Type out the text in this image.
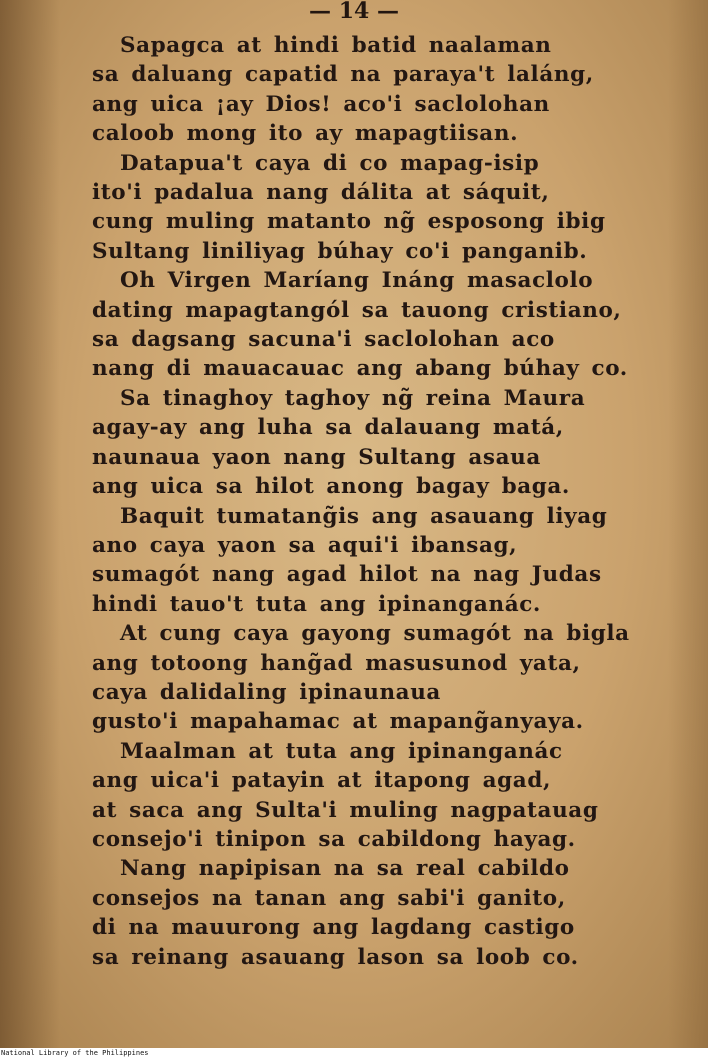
— 14 —
Sapagca at hindi batid naalaman
sa daluang capatid na paraya't laláng,
ang uica ¡ay Dios! aco'i saclolohan
caloob mong ito ay mapagtiisan.
Datapua't caya di co mapag-isip
ito'i padalua nang dálita at sáquit,
cung muling matanto ng̃ esposong ibig
Sultang liniliyag búhay co'i panganib.
Oh Virgen Maríang Ináng masaclolo
dating mapagtangól sa tauong cristiano,
sa dagsang sacuna'i saclolohan aco
nang di mauacauac ang abang búhay co.
Sa tinaghoy taghoy ng̃ reina Maura
agay-ay ang luha sa dalauang matá,
naunaua yaon nang Sultang asaua
ang uica sa hilot anong bagay baga.
Baquit tumatang̃is ang asauang liyag
ano caya yaon sa aqui'i ibansag,
sumagót nang agad hilot na nag Judas
hindi tauo't tuta ang ipinanganác.
At cung caya gayong sumagót na bigla
ang totoong hang̃ad masusunod yata,
caya dalidaling ipinaunaua
gusto'i mapahamac at mapang̃anyaya.
Maalman at tuta ang ipinanganác
ang uica'i patayin at itapong agad,
at saca ang Sulta'i muling nagpatauag
consejo'i tinipon sa cabildong hayag.
Nang napipisan na sa real cabildo
consejos na tanan ang sabi'i ganito,
di na mauurong ang lagdang castigo
sa reinang asauang lason sa loob co.
National Library of the Philippines
